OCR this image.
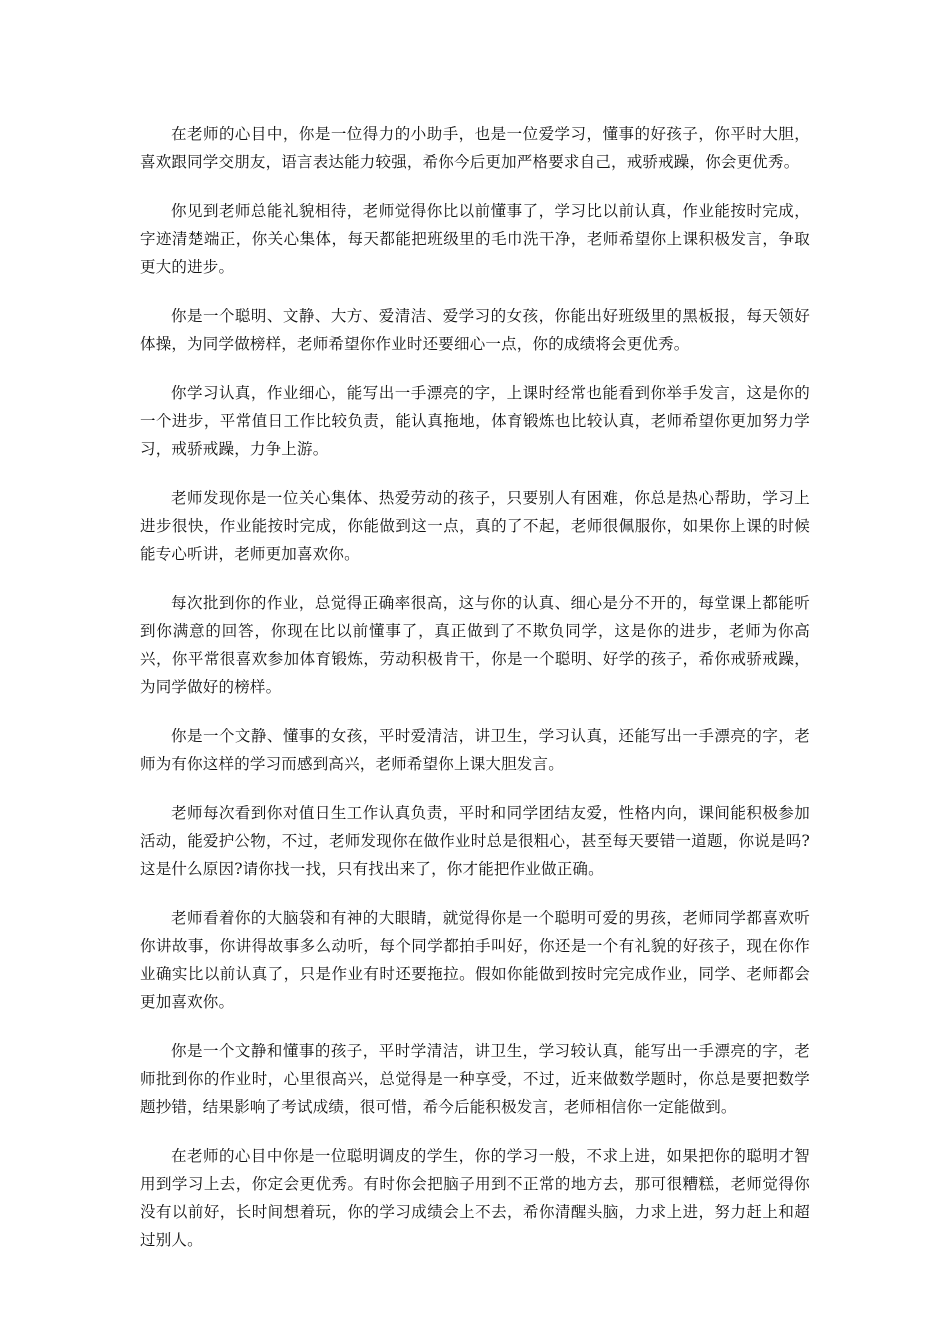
在老师的心目中，你是一位得力的小助手，也是一位爱学习，懂事的好孩子，你平时大胆，喜欢跟同学交朋友，语言表达能力较强，希你今后更加严格要求自己，戒骄戒躁，你会更优秀。

你见到老师总能礼貌相待，老师觉得你比以前懂事了，学习比以前认真，作业能按时完成，字迹清楚端正，你关心集体，每天都能把班级里的毛巾洗干净，老师希望你上课积极发言，争取更大的进步。

你是一个聪明、文静、大方、爱清洁、爱学习的女孩，你能出好班级里的黑板报，每天领好体操，为同学做榜样，老师希望你作业时还要细心一点，你的成绩将会更优秀。

你学习认真，作业细心，能写出一手漂亮的字，上课时经常也能看到你举手发言，这是你的一个进步，平常值日工作比较负责，能认真拖地，体育锻炼也比较认真，老师希望你更加努力学习，戒骄戒躁，力争上游。

老师发现你是一位关心集体、热爱劳动的孩子，只要别人有困难，你总是热心帮助，学习上进步很快，作业能按时完成，你能做到这一点，真的了不起，老师很佩服你，如果你上课的时候能专心听讲，老师更加喜欢你。

每次批到你的作业，总觉得正确率很高，这与你的认真、细心是分不开的，每堂课上都能听到你满意的回答，你现在比以前懂事了，真正做到了不欺负同学，这是你的进步，老师为你高兴，你平常很喜欢参加体育锻炼，劳动积极肯干，你是一个聪明、好学的孩子，希你戒骄戒躁，为同学做好的榜样。

你是一个文静、懂事的女孩，平时爱清洁，讲卫生，学习认真，还能写出一手漂亮的字，老师为有你这样的学习而感到高兴，老师希望你上课大胆发言。

老师每次看到你对值日生工作认真负责，平时和同学团结友爱，性格内向，课间能积极参加活动，能爱护公物，不过，老师发现你在做作业时总是很粗心，甚至每天要错一道题，你说是吗?这是什么原因?请你找一找，只有找出来了，你才能把作业做正确。

老师看着你的大脑袋和有神的大眼睛，就觉得你是一个聪明可爱的男孩，老师同学都喜欢听你讲故事，你讲得故事多么动听，每个同学都拍手叫好，你还是一个有礼貌的好孩子，现在你作业确实比以前认真了，只是作业有时还要拖拉。假如你能做到按时完完成作业，同学、老师都会更加喜欢你。

你是一个文静和懂事的孩子，平时学清洁，讲卫生，学习较认真，能写出一手漂亮的字，老师批到你的作业时，心里很高兴，总觉得是一种享受，不过，近来做数学题时，你总是要把数学题抄错，结果影响了考试成绩，很可惜，希今后能积极发言，老师相信你一定能做到。

在老师的心目中你是一位聪明调皮的学生，你的学习一般，不求上进，如果把你的聪明才智用到学习上去，你定会更优秀。有时你会把脑子用到不正常的地方去，那可很糟糕，老师觉得你没有以前好，长时间想着玩，你的学习成绩会上不去，希你清醒头脑，力求上进，努力赶上和超过别人。
